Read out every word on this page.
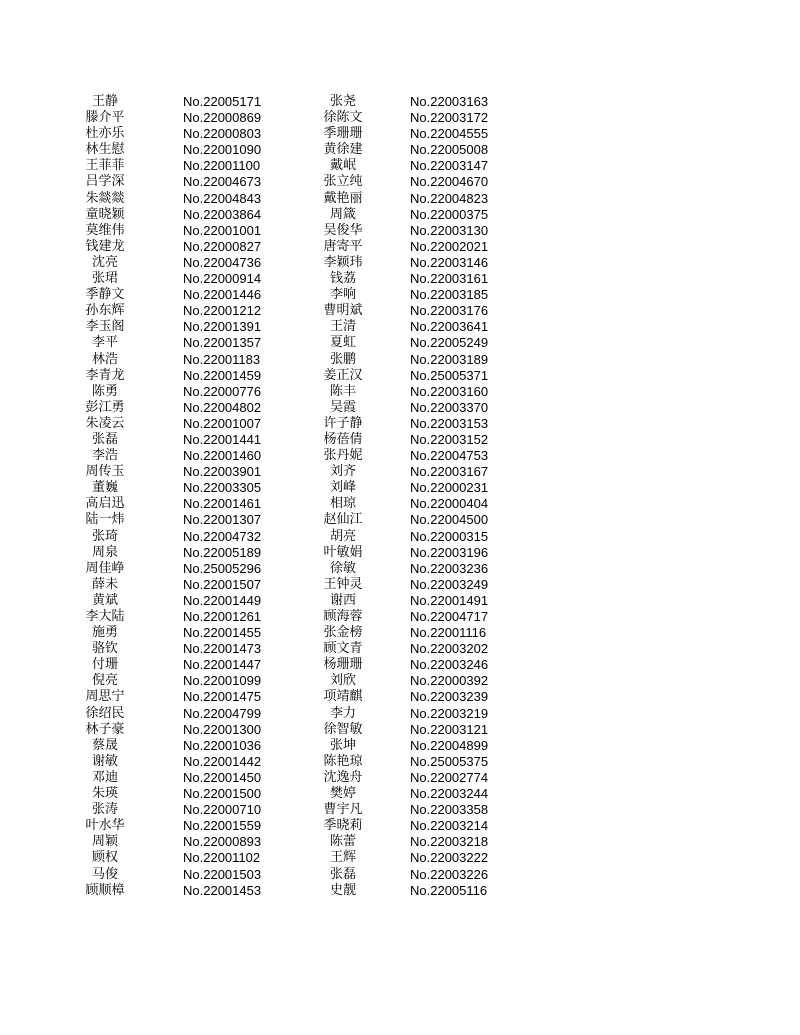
王静	No.22005171	张尧	No.22003163
滕介平	No.22000869	徐陈文	No.22003172
杜亦乐	No.22000803	季珊珊	No.22004555
林生慰	No.22001090	黄徐建	No.22005008
王菲菲	No.22001100	戴岷	No.22003147
吕学深	No.22004673	张立纯	No.22004670
朱燚燚	No.22004843	戴艳丽	No.22004823
童晓颖	No.22003864	周箴	No.22000375
莫维伟	No.22001001	吴俊华	No.22003130
钱建龙	No.22000827	唐寄平	No.22002021
沈亮	No.22004736	李颖玮	No.22003146
张珺	No.22000914	钱荔	No.22003161
季静文	No.22001446	李响	No.22003185
孙东辉	No.22001212	曹明斌	No.22003176
李玉阁	No.22001391	王清	No.22003641
李平	No.22001357	夏虹	No.22005249
林浩	No.22001183	张鹏	No.22003189
李青龙	No.22001459	姜正汉	No.25005371
陈勇	No.22000776	陈丰	No.22003160
彭江勇	No.22004802	吴霞	No.22003370
朱凌云	No.22001007	许子静	No.22003153
张磊	No.22001441	杨蓓倩	No.22003152
李浩	No.22001460	张丹妮	No.22004753
周传玉	No.22003901	刘齐	No.22003167
董巍	No.22003305	刘峰	No.22000231
高启迅	No.22001461	相琼	No.22000404
陆一炜	No.22001307	赵仙江	No.22004500
张琦	No.22004732	胡亮	No.22000315
周泉	No.22005189	叶敏娟	No.22003196
周佳峥	No.25005296	徐敏	No.22003236
薛未	No.22001507	王钟灵	No.22003249
黄斌	No.22001449	谢西	No.22001491
李大陆	No.22001261	顾海蓉	No.22004717
施勇	No.22001455	张金榜	No.22001116
骆钦	No.22001473	顾文青	No.22003202
付珊	No.22001447	杨珊珊	No.22003246
倪亮	No.22001099	刘欣	No.22000392
周思宁	No.22001475	项靖麒	No.22003239
徐绍民	No.22004799	李力	No.22003219
林子豪	No.22001300	徐智敏	No.22003121
蔡晟	No.22001036	张坤	No.22004899
谢敏	No.22001442	陈艳琼	No.25005375
邓迪	No.22001450	沈逸舟	No.22002774
朱瑛	No.22001500	樊婷	No.22003244
张涛	No.22000710	曹宇凡	No.22003358
叶水华	No.22001559	季晓莉	No.22003214
周颖	No.22000893	陈蕾	No.22003218
顾权	No.22001102	王辉	No.22003222
马俊	No.22001503	张磊	No.22003226
顾顺樟	No.22001453	史靓	No.22005116
